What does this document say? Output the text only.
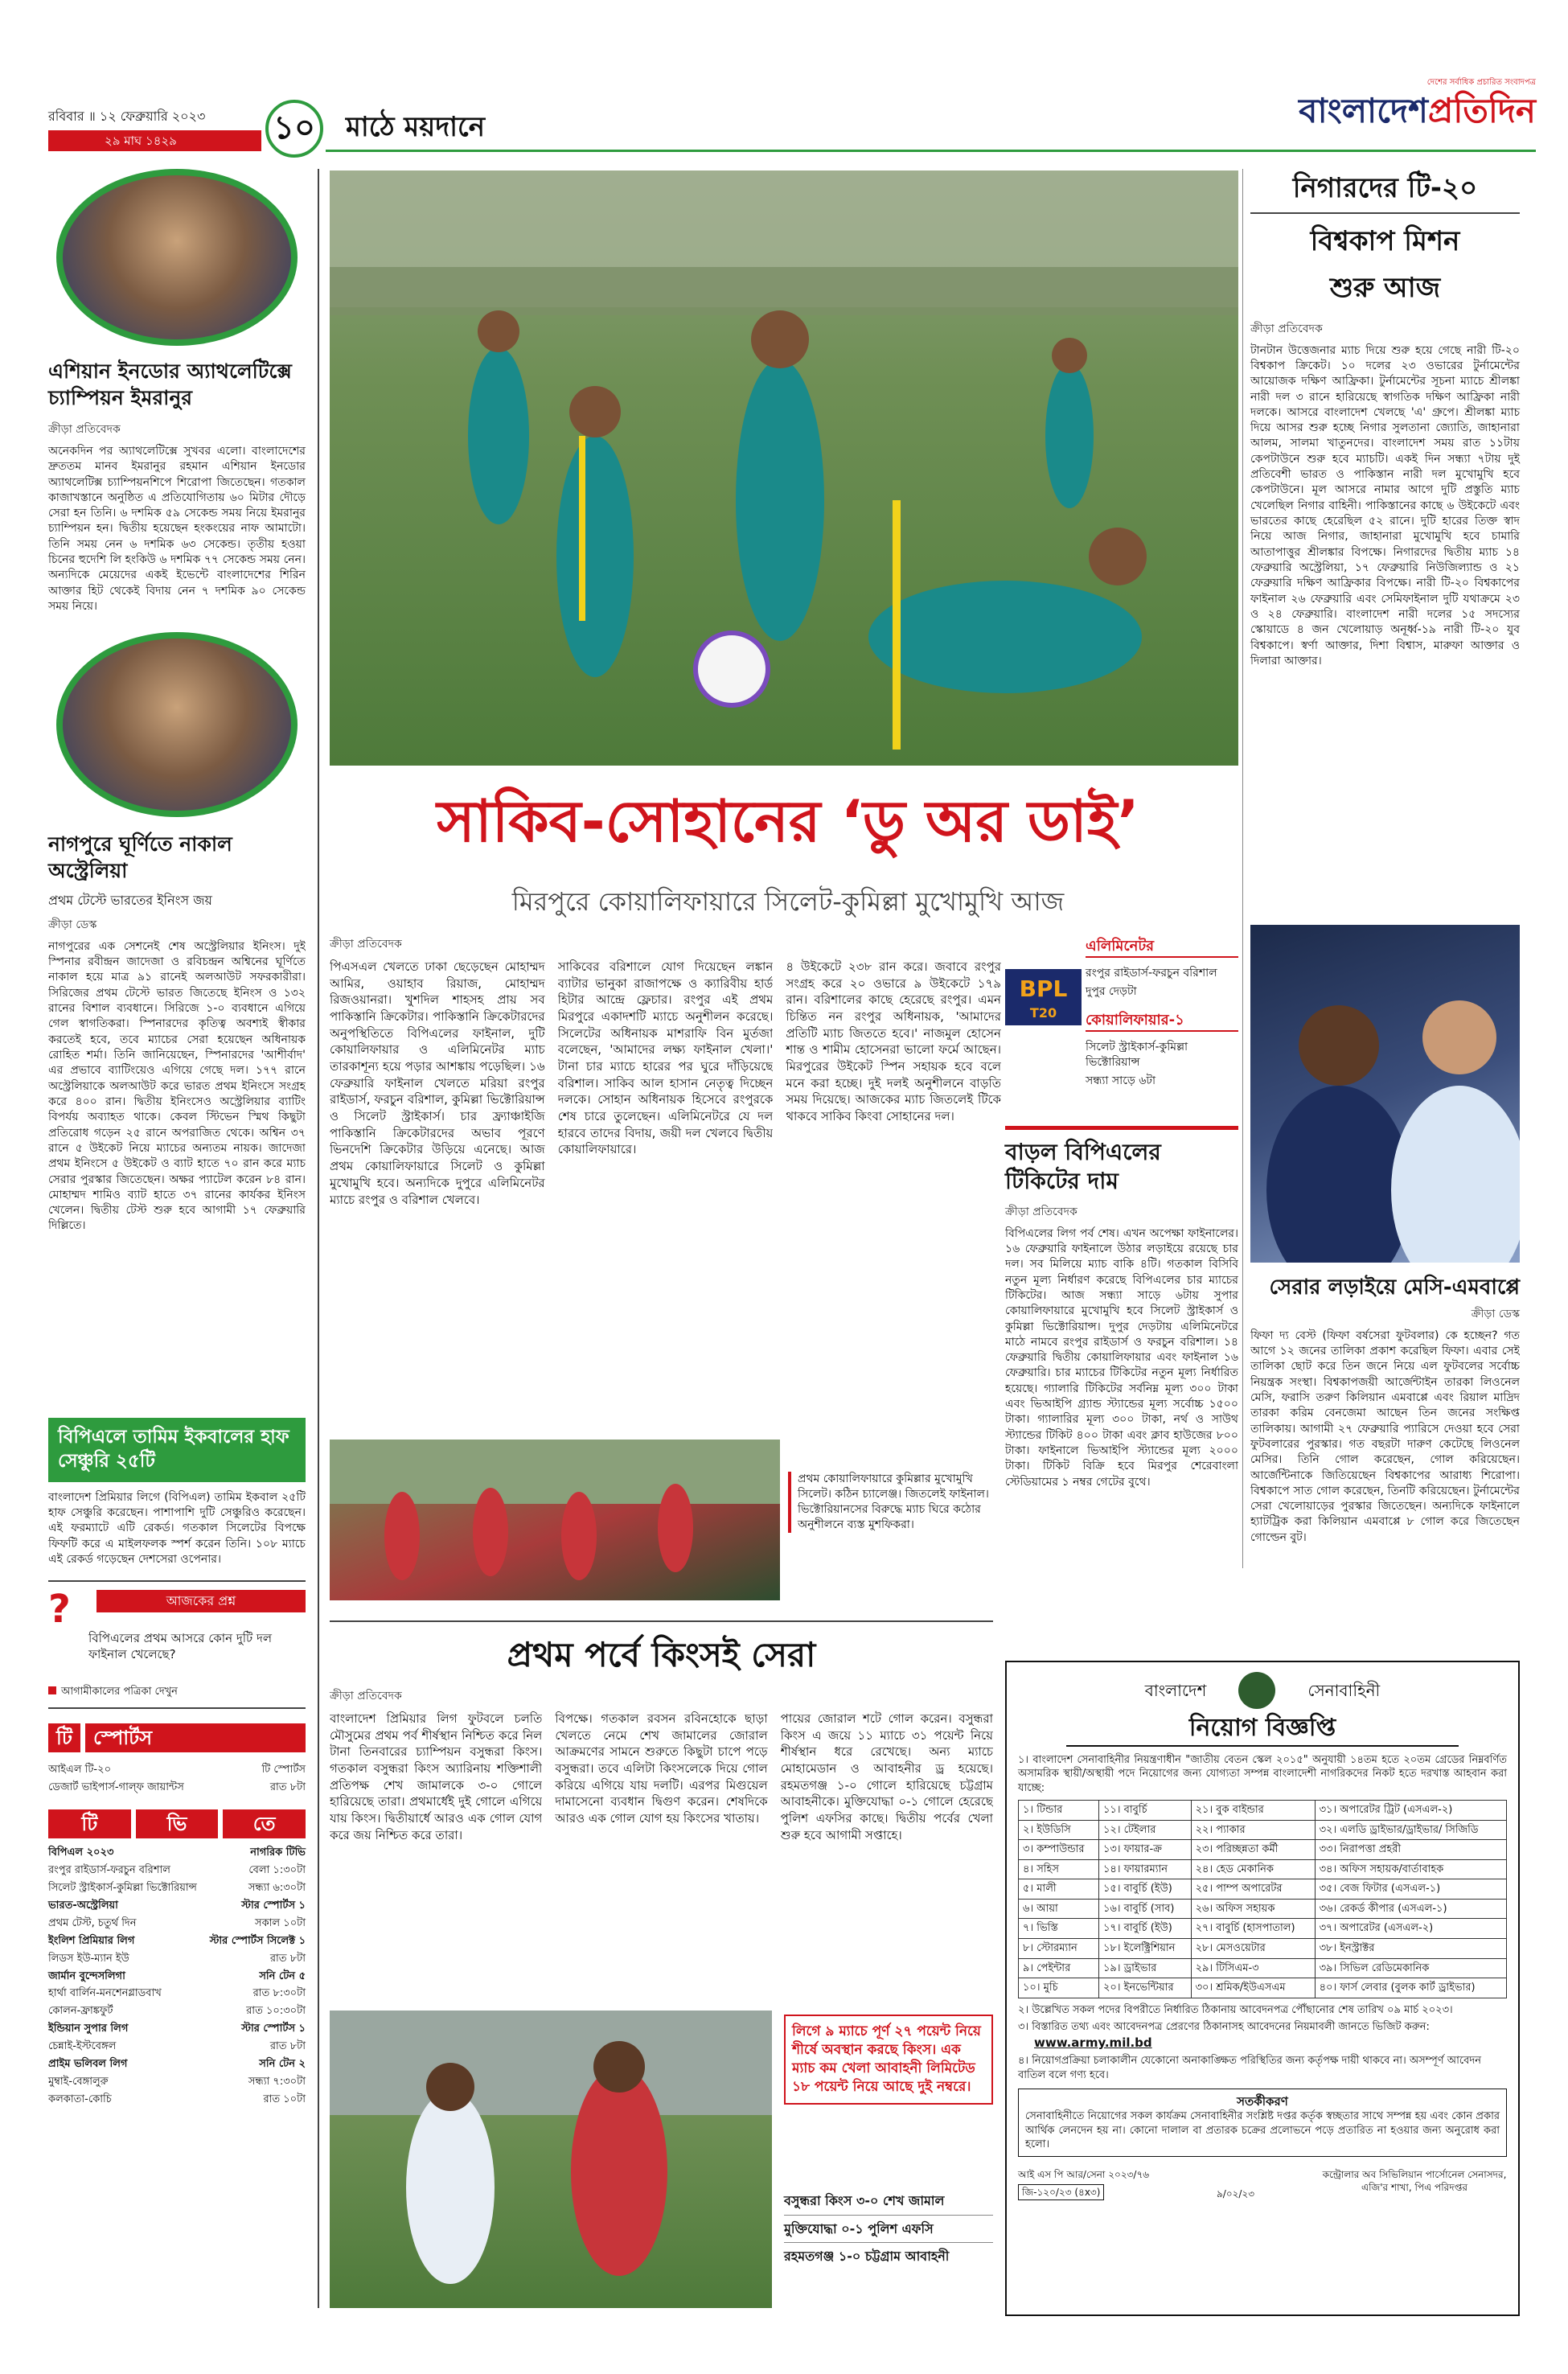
রবিবার ॥ ১২ ফেব্রুয়ারি ২০২৩
২৯ মাঘ ১৪২৯	১০ মাঠে ময়দানে
দেশের সর্বাধিক প্রচারিত সংবাদপত্র
বাংলাদেশপ্রতিদিন
এশিয়ান ইনডোর অ্যাথলেটিক্সে চ্যাম্পিয়ন ইমরানুর
ক্রীড়া প্রতিবেদক
অনেকদিন পর অ্যাথলেটিক্সে সুখবর এলো। বাংলাদেশের দ্রুততম মানব ইমরানুর রহমান এশিয়ান ইনডোর অ্যাথলেটিক্স চ্যাম্পিয়নশিপে শিরোপা জিতেছেন। গতকাল কাজাখস্তানে অনুষ্ঠিত এ প্রতিযোগিতায় ৬০ মিটার দৌড়ে সেরা হন তিনি। ৬ দশমিক ৫৯ সেকেন্ড সময় নিয়ে ইমরানুর চ্যাম্পিয়ন হন। দ্বিতীয় হয়েছেন হংকংয়ের নাফ আমাটো। তিনি সময় নেন ৬ দশমিক ৬৩ সেকেন্ড। তৃতীয় হওয়া চিনের হুদেশি লি হংকিউ ৬ দশমিক ৭৭ সেকেন্ড সময় নেন। অন্যদিকে মেয়েদের একই ইভেন্টে বাংলাদেশের শিরিন আক্তার হিট থেকেই বিদায় নেন ৭ দশমিক ৯০ সেকেন্ড সময় নিয়ে।
নাগপুরে ঘূর্ণিতে নাকাল অস্ট্রেলিয়া
প্রথম টেস্টে ভারতের ইনিংস জয়
ক্রীড়া ডেস্ক
নাগপুরের এক সেশনেই শেষ অস্ট্রেলিয়ার ইনিংস। দুই স্পিনার রবীন্দ্রন জাদেজা ও রবিচন্দ্রন অশ্বিনের ঘূর্ণিতে নাকাল হয়ে মাত্র ৯১ রানেই অলআউট সফরকারীরা। সিরিজের প্রথম টেস্টে ভারত জিতেছে ইনিংস ও ১৩২ রানের বিশাল ব্যবধানে। সিরিজে ১-০ ব্যবধানে এগিয়ে গেল স্বাগতিকরা। স্পিনারদের কৃতিত্ব অবশ্যই স্বীকার করতেই হবে, তবে ম্যাচের সেরা হয়েছেন অধিনায়ক রোহিত শর্মা। তিনি জানিয়েছেন, স্পিনারদের 'আশীর্বাদ' এর প্রভাবে ব্যাটিংয়েও এগিয়ে গেছে দল। ১৭৭ রানে অস্ট্রেলিয়াকে অলআউট করে ভারত প্রথম ইনিংসে সংগ্রহ করে ৪০০ রান। দ্বিতীয় ইনিংসেও অস্ট্রেলিয়ার ব্যাটিং বিপর্যয় অব্যাহত থাকে। কেবল স্টিভেন স্মিথ কিছুটা প্রতিরোধ গড়েন ২৫ রানে অপরাজিত থেকে। অশ্বিন ৩৭ রানে ৫ উইকেট নিয়ে ম্যাচের অন্যতম নায়ক। জাদেজা প্রথম ইনিংসে ৫ উইকেট ও ব্যাট হাতে ৭০ রান করে ম্যাচ সেরার পুরস্কার জিতেছেন। অক্ষর প্যাটেল করেন ৮৪ রান। মোহাম্মদ শামিও ব্যাট হাতে ৩৭ রানের কার্যকর ইনিংস খেলেন। দ্বিতীয় টেস্ট শুরু হবে আগামী ১৭ ফেব্রুয়ারি দিল্লিতে।
বিপিএলে তামিম ইকবালের হাফ সেঞ্চুরি ২৫টি
বাংলাদেশ প্রিমিয়ার লিগে (বিপিএল) তামিম ইকবাল ২৫টি হাফ সেঞ্চুরি করেছেন। পাশাপাশি দুটি সেঞ্চুরিও করেছেন। এই ফরম্যাটে এটি রেকর্ড। গতকাল সিলেটের বিপক্ষে ফিফটি করে এ মাইলফলক স্পর্শ করেন তিনি। ১০৮ ম্যাচে এই রেকর্ড গড়েছেন দেশসেরা ওপেনার।
?	আজকের প্রশ্ন
বিপিএলের প্রথম আসরে কোন দুটি দল ফাইনাল খেলেছে?
আগামীকালের পত্রিকা দেখুন
টি	স্পোর্টস
আইএল টি-২০	টি স্পোর্টস
ডেজার্ট ভাইপার্স-গাল্‌ফ জায়ান্টস	রাত ৮টা
টি	ভি	তে
বিপিএল ২০২৩	নাগরিক টিভি
রংপুর রাইডার্স-ফরচুন বরিশাল	বেলা ১:৩০টা
সিলেট স্ট্রাইকার্স-কুমিল্লা ভিক্টোরিয়ান্স	সন্ধ্যা ৬:৩০টা
ভারত-অস্ট্রেলিয়া	স্টার স্পোর্টস ১
প্রথম টেস্ট, চতুর্থ দিন	সকাল ১০টা
ইংলিশ প্রিমিয়ার লিগ	স্টার স্পোর্টস সিলেক্ট ১
লিডস ইউ-ম্যান ইউ	রাত ৮টা
জার্মান বুন্দেসলিগা	সনি টেন ৫
হার্থা বার্লিন-মনশেনগ্লাডবাখ	রাত ৮:৩০টা
কোলন-ফ্রাঙ্কফুর্ট	রাত ১০:৩০টা
ইন্ডিয়ান সুপার লিগ	স্টার স্পোর্টস ১
চেন্নাই-ইস্টবেঙ্গল	রাত ৮টা
প্রাইম ভলিবল লিগ	সনি টেন ২
মুম্বাই-বেঙ্গালুরু	সন্ধ্যা ৭:৩০টা
কলকাতা-কোচি	রাত ১০টা
নিগারদের টি-২০
বিশ্বকাপ মিশন
শুরু আজ
ক্রীড়া প্রতিবেদক
টানটান উত্তেজনার ম্যাচ দিয়ে শুরু হয়ে গেছে নারী টি-২০ বিশ্বকাপ ক্রিকেট। ১০ দলের ২৩ ওভারের টুর্নামেন্টের আয়োজক দক্ষিণ আফ্রিকা। টুর্নামেন্টের সূচনা ম্যাচে শ্রীলঙ্কা নারী দল ৩ রানে হারিয়েছে স্বাগতিক দক্ষিণ আফ্রিকা নারী দলকে। আসরে বাংলাদেশ খেলছে 'এ' গ্রুপে। শ্রীলঙ্কা ম্যাচ দিয়ে আসর শুরু হচ্ছে নিগার সুলতানা জ্যোতি, জাহানারা আলম, সালমা খাতুনদের। বাংলাদেশ সময় রাত ১১টায় কেপটাউনে শুরু হবে ম্যাচটি। একই দিন সন্ধ্যা ৭টায় দুই প্রতিবেশী ভারত ও পাকিস্তান নারী দল মুখোমুখি হবে কেপটাউনে। মূল আসরে নামার আগে দুটি প্রস্তুতি ম্যাচ খেলেছিল নিগার বাহিনী। পাকিস্তানের কাছে ৬ উইকেটে এবং ভারতের কাছে হেরেছিল ৫২ রানে। দুটি হারের তিক্ত স্বাদ নিয়ে আজ নিগার, জাহানারা মুখোমুখি হবে চামারি আতাপাত্তুর শ্রীলঙ্কার বিপক্ষে। নিগারদের দ্বিতীয় ম্যাচ ১৪ ফেব্রুয়ারি অস্ট্রেলিয়া, ১৭ ফেব্রুয়ারি নিউজিল্যান্ড ও ২১ ফেব্রুয়ারি দক্ষিণ আফ্রিকার বিপক্ষে। নারী টি-২০ বিশ্বকাপের ফাইনাল ২৬ ফেব্রুয়ারি এবং সেমিফাইনাল দুটি যথাক্রমে ২৩ ও ২৪ ফেব্রুয়ারি। বাংলাদেশ নারী দলের ১৫ সদস্যের স্কোয়াডে ৪ জন খেলোয়াড় অনূর্ধ্ব-১৯ নারী টি-২০ যুব বিশ্বকাপে। স্বর্ণা আক্তার, দিশা বিশ্বাস, মারুফা আক্তার ও দিলারা আক্তার।
সাকিব-সোহানের ‘ডু অর ডাই’
মিরপুরে কোয়ালিফায়ারে সিলেট-কুমিল্লা মুখোমুখি আজ
ক্রীড়া প্রতিবেদক
পিএসএল খেলতে ঢাকা ছেড়েছেন মোহাম্মদ আমির, ওয়াহাব রিয়াজ, মোহাম্মদ রিজওয়ানরা। খুশদিল শাহসহ প্রায় সব পাকিস্তানি ক্রিকেটার। পাকিস্তানি ক্রিকেটারদের অনুপস্থিতিতে বিপিএলের ফাইনাল, দুটি কোয়ালিফায়ার ও এলিমিনেটর ম্যাচ তারকাশূন্য হয়ে পড়ার আশঙ্কায় পড়েছিল। ১৬ ফেব্রুয়ারি ফাইনাল খেলতে মরিয়া রংপুর রাইডার্স, ফরচুন বরিশাল, কুমিল্লা ভিক্টোরিয়ান্স ও সিলেট স্ট্রাইকার্স। চার ফ্র্যাঞ্চাইজি পাকিস্তানি ক্রিকেটারদের অভাব পূরণে ভিনদেশি ক্রিকেটার উড়িয়ে এনেছে। আজ প্রথম কোয়ালিফায়ারে সিলেট ও কুমিল্লা মুখোমুখি হবে। অন্যদিকে দুপুরে এলিমিনেটর ম্যাচে রংপুর ও বরিশাল খেলবে।
সাকিবের বরিশালে যোগ দিয়েছেন লঙ্কান ব্যাটার ভানুকা রাজাপক্ষে ও ক্যারিবীয় হার্ড হিটার আন্দ্রে ফ্লেচার। রংপুর এই প্রথম মিরপুরে একাদশটি ম্যাচে অনুশীলন করেছে। সিলেটের অধিনায়ক মাশরাফি বিন মুর্তজা বলেছেন, 'আমাদের লক্ষ্য ফাইনাল খেলা।' টানা চার ম্যাচে হারের পর ঘুরে দাঁড়িয়েছে বরিশাল। সাকিব আল হাসান নেতৃত্ব দিচ্ছেন দলকে। সোহান অধিনায়ক হিসেবে রংপুরকে শেষ চারে তুলেছেন। এলিমিনেটরে যে দল হারবে তাদের বিদায়, জয়ী দল খেলবে দ্বিতীয় কোয়ালিফায়ারে।
৪ উইকেটে ২৩৮ রান করে। জবাবে রংপুর সংগ্রহ করে ২০ ওভারে ৯ উইকেটে ১৭৯ রান। বরিশালের কাছে হেরেছে রংপুর। এমন চিন্তিত নন রংপুর অধিনায়ক, 'আমাদের প্রতিটি ম্যাচ জিততে হবে।' নাজমুল হোসেন শান্ত ও শামীম হোসেনরা ভালো ফর্মে আছেন। মিরপুরের উইকেট স্পিন সহায়ক হবে বলে মনে করা হচ্ছে। দুই দলই অনুশীলনে বাড়তি সময় দিয়েছে। আজকের ম্যাচ জিতলেই টিকে থাকবে সাকিব কিংবা সোহানের দল।
BPL
T20
এলিমিনেটর
রংপুর রাইডার্স-ফরচুন বরিশাল
দুপুর দেড়টা
কোয়ালিফায়ার-১
সিলেট স্ট্রাইকার্স-কুমিল্লা ভিক্টোরিয়ান্স
সন্ধ্যা সাড়ে ৬টা
বাড়ল বিপিএলের টিকিটের দাম
ক্রীড়া প্রতিবেদক
বিপিএলের লিগ পর্ব শেষ। এখন অপেক্ষা ফাইনালের। ১৬ ফেব্রুয়ারি ফাইনালে উঠার লড়াইয়ে রয়েছে চার দল। সব মিলিয়ে ম্যাচ বাকি ৪টি। গতকাল বিসিবি নতুন মূল্য নির্ধারণ করেছে বিপিএলের চার ম্যাচের টিকিটের। আজ সন্ধ্যা সাড়ে ৬টায় সুপার কোয়ালিফায়ারে মুখোমুখি হবে সিলেট স্ট্রাইকার্স ও কুমিল্লা ভিক্টোরিয়ান্স। দুপুর দেড়টায় এলিমিনেটরে মাঠে নামবে রংপুর রাইডার্স ও ফরচুন বরিশাল। ১৪ ফেব্রুয়ারি দ্বিতীয় কোয়ালিফায়ার এবং ফাইনাল ১৬ ফেব্রুয়ারি। চার ম্যাচের টিকিটের নতুন মূল্য নির্ধারিত হয়েছে। গ্যালারি টিকিটের সর্বনিম্ন মূল্য ৩০০ টাকা এবং ভিআইপি গ্র্যান্ড স্ট্যান্ডের মূল্য সর্বোচ্চ ১৫০০ টাকা। গ্যালারির মূল্য ৩০০ টাকা, নর্থ ও সাউথ স্ট্যান্ডের টিকিট ৪০০ টাকা এবং ক্লাব হাউজের ৮০০ টাকা। ফাইনালে ভিআইপি স্ট্যান্ডের মূল্য ২০০০ টাকা। টিকিট বিক্রি হবে মিরপুর শেরেবাংলা স্টেডিয়ামের ১ নম্বর গেটের বুথে।
প্রথম কোয়ালিফায়ারে কুমিল্লার মুখোমুখি সিলেট। কঠিন চ্যালেঞ্জ। জিতলেই ফাইনাল। ভিক্টোরিয়ানসের বিরুদ্ধে ম্যাচ ঘিরে কঠোর অনুশীলনে ব্যস্ত মুশফিকরা।
সেরার লড়াইয়ে মেসি-এমবাপ্পে
ক্রীড়া ডেস্ক
ফিফা দ্য বেস্ট (ফিফা বর্ষসেরা ফুটবলার) কে হচ্ছেন? গত আগে ১২ জনের তালিকা প্রকাশ করেছিল ফিফা। এবার সেই তালিকা ছোট করে তিন জনে নিয়ে এল ফুটবলের সর্বোচ্চ নিয়ন্ত্রক সংস্থা। বিশ্বকাপজয়ী আর্জেন্টাইন তারকা লিওনেল মেসি, ফরাসি তরুণ কিলিয়ান এমবাপ্পে এবং রিয়াল মাদ্রিদ তারকা করিম বেনজেমা আছেন তিন জনের সংক্ষিপ্ত তালিকায়। আগামী ২৭ ফেব্রুয়ারি প্যারিসে দেওয়া হবে সেরা ফুটবলারের পুরস্কার। গত বছরটা দারুণ কেটেছে লিওনেল মেসির। তিনি গোল করেছেন, গোল করিয়েছেন। আর্জেন্টিনাকে জিতিয়েছেন বিশ্বকাপের আরাধ্য শিরোপা। বিশ্বকাপে সাত গোল করেছেন, তিনটি করিয়েছেন। টুর্নামেন্টের সেরা খেলোয়াড়ের পুরস্কার জিতেছেন। অন্যদিকে ফাইনালে হ্যাটট্রিক করা কিলিয়ান এমবাপ্পে ৮ গোল করে জিতেছেন গোল্ডেন বুট।
প্রথম পর্বে কিংসই সেরা
ক্রীড়া প্রতিবেদক
বাংলাদেশ প্রিমিয়ার লিগ ফুটবলে চলতি মৌসুমের প্রথম পর্ব শীর্ষস্থান নিশ্চিত করে নিল টানা তিনবারের চ্যাম্পিয়ন বসুন্ধরা কিংস। গতকাল বসুন্ধরা কিংস অ্যারিনায় শক্তিশালী প্রতিপক্ষ শেখ জামালকে ৩-০ গোলে হারিয়েছে তারা। প্রথমার্ধেই দুই গোলে এগিয়ে যায় কিংস। দ্বিতীয়ার্ধে আরও এক গোল যোগ করে জয় নিশ্চিত করে তারা।
বিপক্ষে। গতকাল রবসন রবিনহোকে ছাড়া খেলতে নেমে শেখ জামালের জোরাল আক্রমণের সামনে শুরুতে কিছুটা চাপে পড়ে বসুন্ধরা। তবে এলিটা কিংসলেকে দিয়ে গোল করিয়ে এগিয়ে যায় দলটি। এরপর মিগুয়েল দামাসেনো ব্যবধান দ্বিগুণ করেন। শেষদিকে আরও এক গোল যোগ হয় কিংসের খাতায়।
পায়ের জোরাল শটে গোল করেন। বসুন্ধরা কিংস এ জয়ে ১১ ম্যাচে ৩১ পয়েন্ট নিয়ে শীর্ষস্থান ধরে রেখেছে। অন্য ম্যাচে মোহামেডান ও আবাহনীর ড্র হয়েছে। রহমতগঞ্জ ১-০ গোলে হারিয়েছে চট্টগ্রাম আবাহনীকে। মুক্তিযোদ্ধা ০-১ গোলে হেরেছে পুলিশ এফসির কাছে। দ্বিতীয় পর্বের খেলা শুরু হবে আগামী সপ্তাহে।
লিগে ৯ ম্যাচে পূর্ণ ২৭ পয়েন্ট নিয়ে শীর্ষে অবস্থান করছে কিংস। এক ম্যাচ কম খেলা আবাহনী লিমিটেড ১৮ পয়েন্ট নিয়ে আছে দুই নম্বরে।
বসুন্ধরা কিংস ৩-০ শেখ জামাল
মুক্তিযোদ্ধা ০-১ পুলিশ এফসি
রহমতগঞ্জ ১-০ চট্টগ্রাম আবাহনী
বাংলাদেশ	সেনাবাহিনী
নিয়োগ বিজ্ঞপ্তি
১। বাংলাদেশ সেনাবাহিনীর নিয়ন্ত্রণাধীন "জাতীয় বেতন স্কেল ২০১৫" অনুযায়ী ১৪তম হতে ২০তম গ্রেডের নিম্নবর্ণিত অসামরিক স্থায়ী/অস্থায়ী পদে নিয়োগের জন্য যোগ্যতা সম্পন্ন বাংলাদেশী নাগরিকদের নিকট হতে দরখাস্ত আহবান করা যাচ্ছে:
১। টিন্ডার	১১। বাবুর্চি	২১। বুক বাইন্ডার	৩১। অপারেটর ট্রিট (এসএল-২)
২। ইউডিসি	১২। টেইলার	২২। প্যাকার	৩২। এলডি ড্রাইভার/ড্রাইভার/ সিজিডি
৩। কম্পাউন্ডার	১৩। ফায়ার-ক্র	২৩। পরিচ্ছন্নতা কর্মী	৩৩। নিরাপত্তা প্রহরী
৪। সহিস	১৪। ফায়ারম্যান	২৪। হেড মেকানিক	৩৪। অফিস সহায়ক/বার্তাবাহক
৫। মালী	১৫। বাবুর্চি (ইউ)	২৫। পাম্প অপারেটর	৩৫। বেজ ফিটার (এসএল-১)
৬। আয়া	১৬। বাবুর্চি (সাব)	২৬। অফিস সহায়ক	৩৬। রেকর্ড কীপার (এসএল-১)
৭। ভিস্তি	১৭। বাবুর্চি (ইউ)	২৭। বাবুর্চি (হাসপাতাল)	৩৭। অপারেটর (এসএল-২)
৮। স্টোরম্যান	১৮। ইলেক্ট্রিশিয়ান	২৮। মেসওয়েটার	৩৮। ইনস্ট্রাক্টর
৯। পেইন্টার	১৯। ড্রাইভার	২৯। টিসিএম-৩	৩৯। সিভিল রেডিমেকানিক
১০। মুচি	২০। ইনভেন্টিয়ার	৩০। শ্রমিক/ইউএসএম	৪০। ফার্স লেবার (বুলক কার্ট ড্রাইভার)
২। উল্লেখিত সকল পদের বিপরীতে নির্ধারিত ঠিকানায় আবেদনপত্র পৌঁছানোর শেষ তারিখ ০৯ মার্চ ২০২৩।
৩। বিস্তারিত তথ্য এবং আবেদনপত্র প্রেরণের ঠিকানাসহ আবেদনের নিয়মাবলী জানতে ভিজিট করুন:
www.army.mil.bd
৪। নিয়োগপ্রক্রিয়া চলাকালীন যেকোনো অনাকাঙ্ক্ষিত পরিস্থিতির জন্য কর্তৃপক্ষ দায়ী থাকবে না। অসম্পূর্ণ আবেদন বাতিল বলে গণ্য হবে।
সতর্কীকরণ
সেনাবাহিনীতে নিয়োগের সকল কার্যক্রম সেনাবাহিনীর সংশ্লিষ্ট দপ্তর কর্তৃক স্বচ্ছতার সাথে সম্পন্ন হয় এবং কোন প্রকার আর্থিক লেনদেন হয় না। কোনো দালাল বা প্রতারক চক্রের প্রলোভনে পড়ে প্রতারিত না হওয়ার জন্য অনুরোধ করা হলো।
আই এস পি আর/সেনা ২০২৩/৭৬
জি-১২০/২৩ (৪x৩)	৯/০২/২৩
কন্ট্রোলার অব সিভিলিয়ান পার্সোনেল সেনাসদর, এজি'র শাখা, পিএ পরিদপ্তর
